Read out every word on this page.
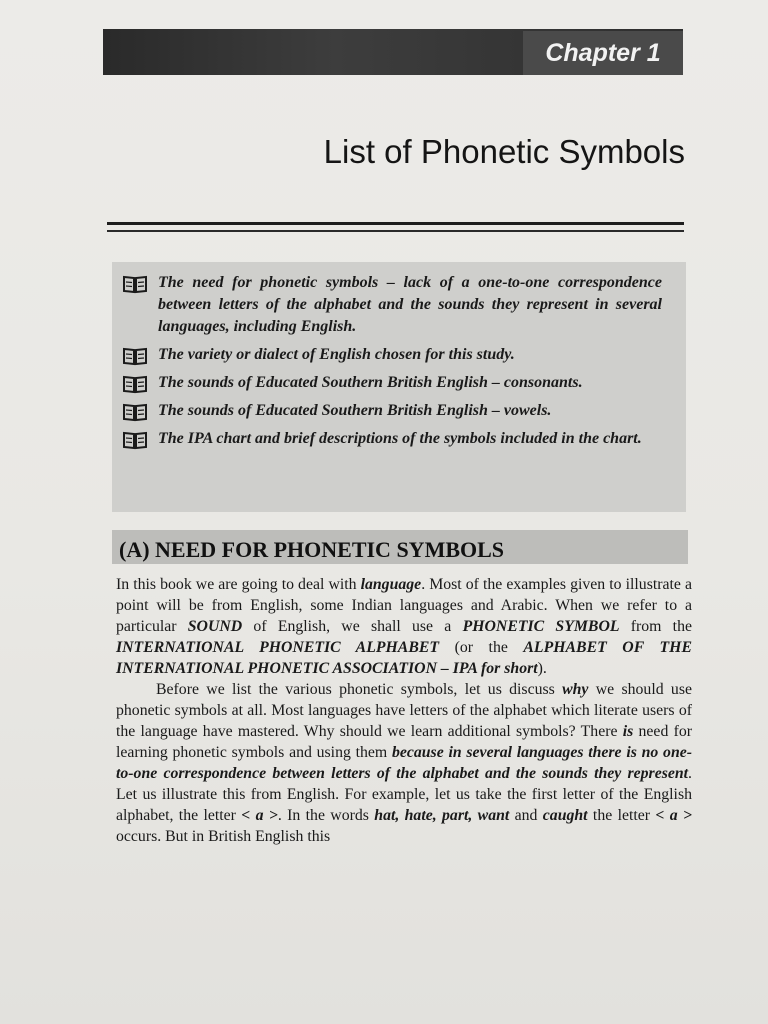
Chapter 1
List of Phonetic Symbols
The need for phonetic symbols – lack of a one-to-one correspondence between letters of the alphabet and the sounds they represent in several languages, including English.
The variety or dialect of English chosen for this study.
The sounds of Educated Southern British English – consonants.
The sounds of Educated Southern British English – vowels.
The IPA chart and brief descriptions of the symbols included in the chart.
(A) NEED FOR PHONETIC SYMBOLS

In this book we are going to deal with language. Most of the examples given to illustrate a point will be from English, some Indian languages and Arabic. When we refer to a particular SOUND of English, we shall use a PHONETIC SYMBOL from the INTERNATIONAL PHONETIC ALPHABET (or the ALPHABET OF THE INTERNATIONAL PHONETIC ASSOCIATION – IPA for short).

Before we list the various phonetic symbols, let us discuss why we should use phonetic symbols at all. Most languages have letters of the alphabet which literate users of the language have mastered. Why should we learn additional symbols? There is need for learning phonetic symbols and using them because in several languages there is no one-to-one correspondence between letters of the alphabet and the sounds they represent. Let us illustrate this from English. For example, let us take the first letter of the English alphabet, the letter < a >. In the words hat, hate, part, want and caught the letter < a > occurs. But in British English this
